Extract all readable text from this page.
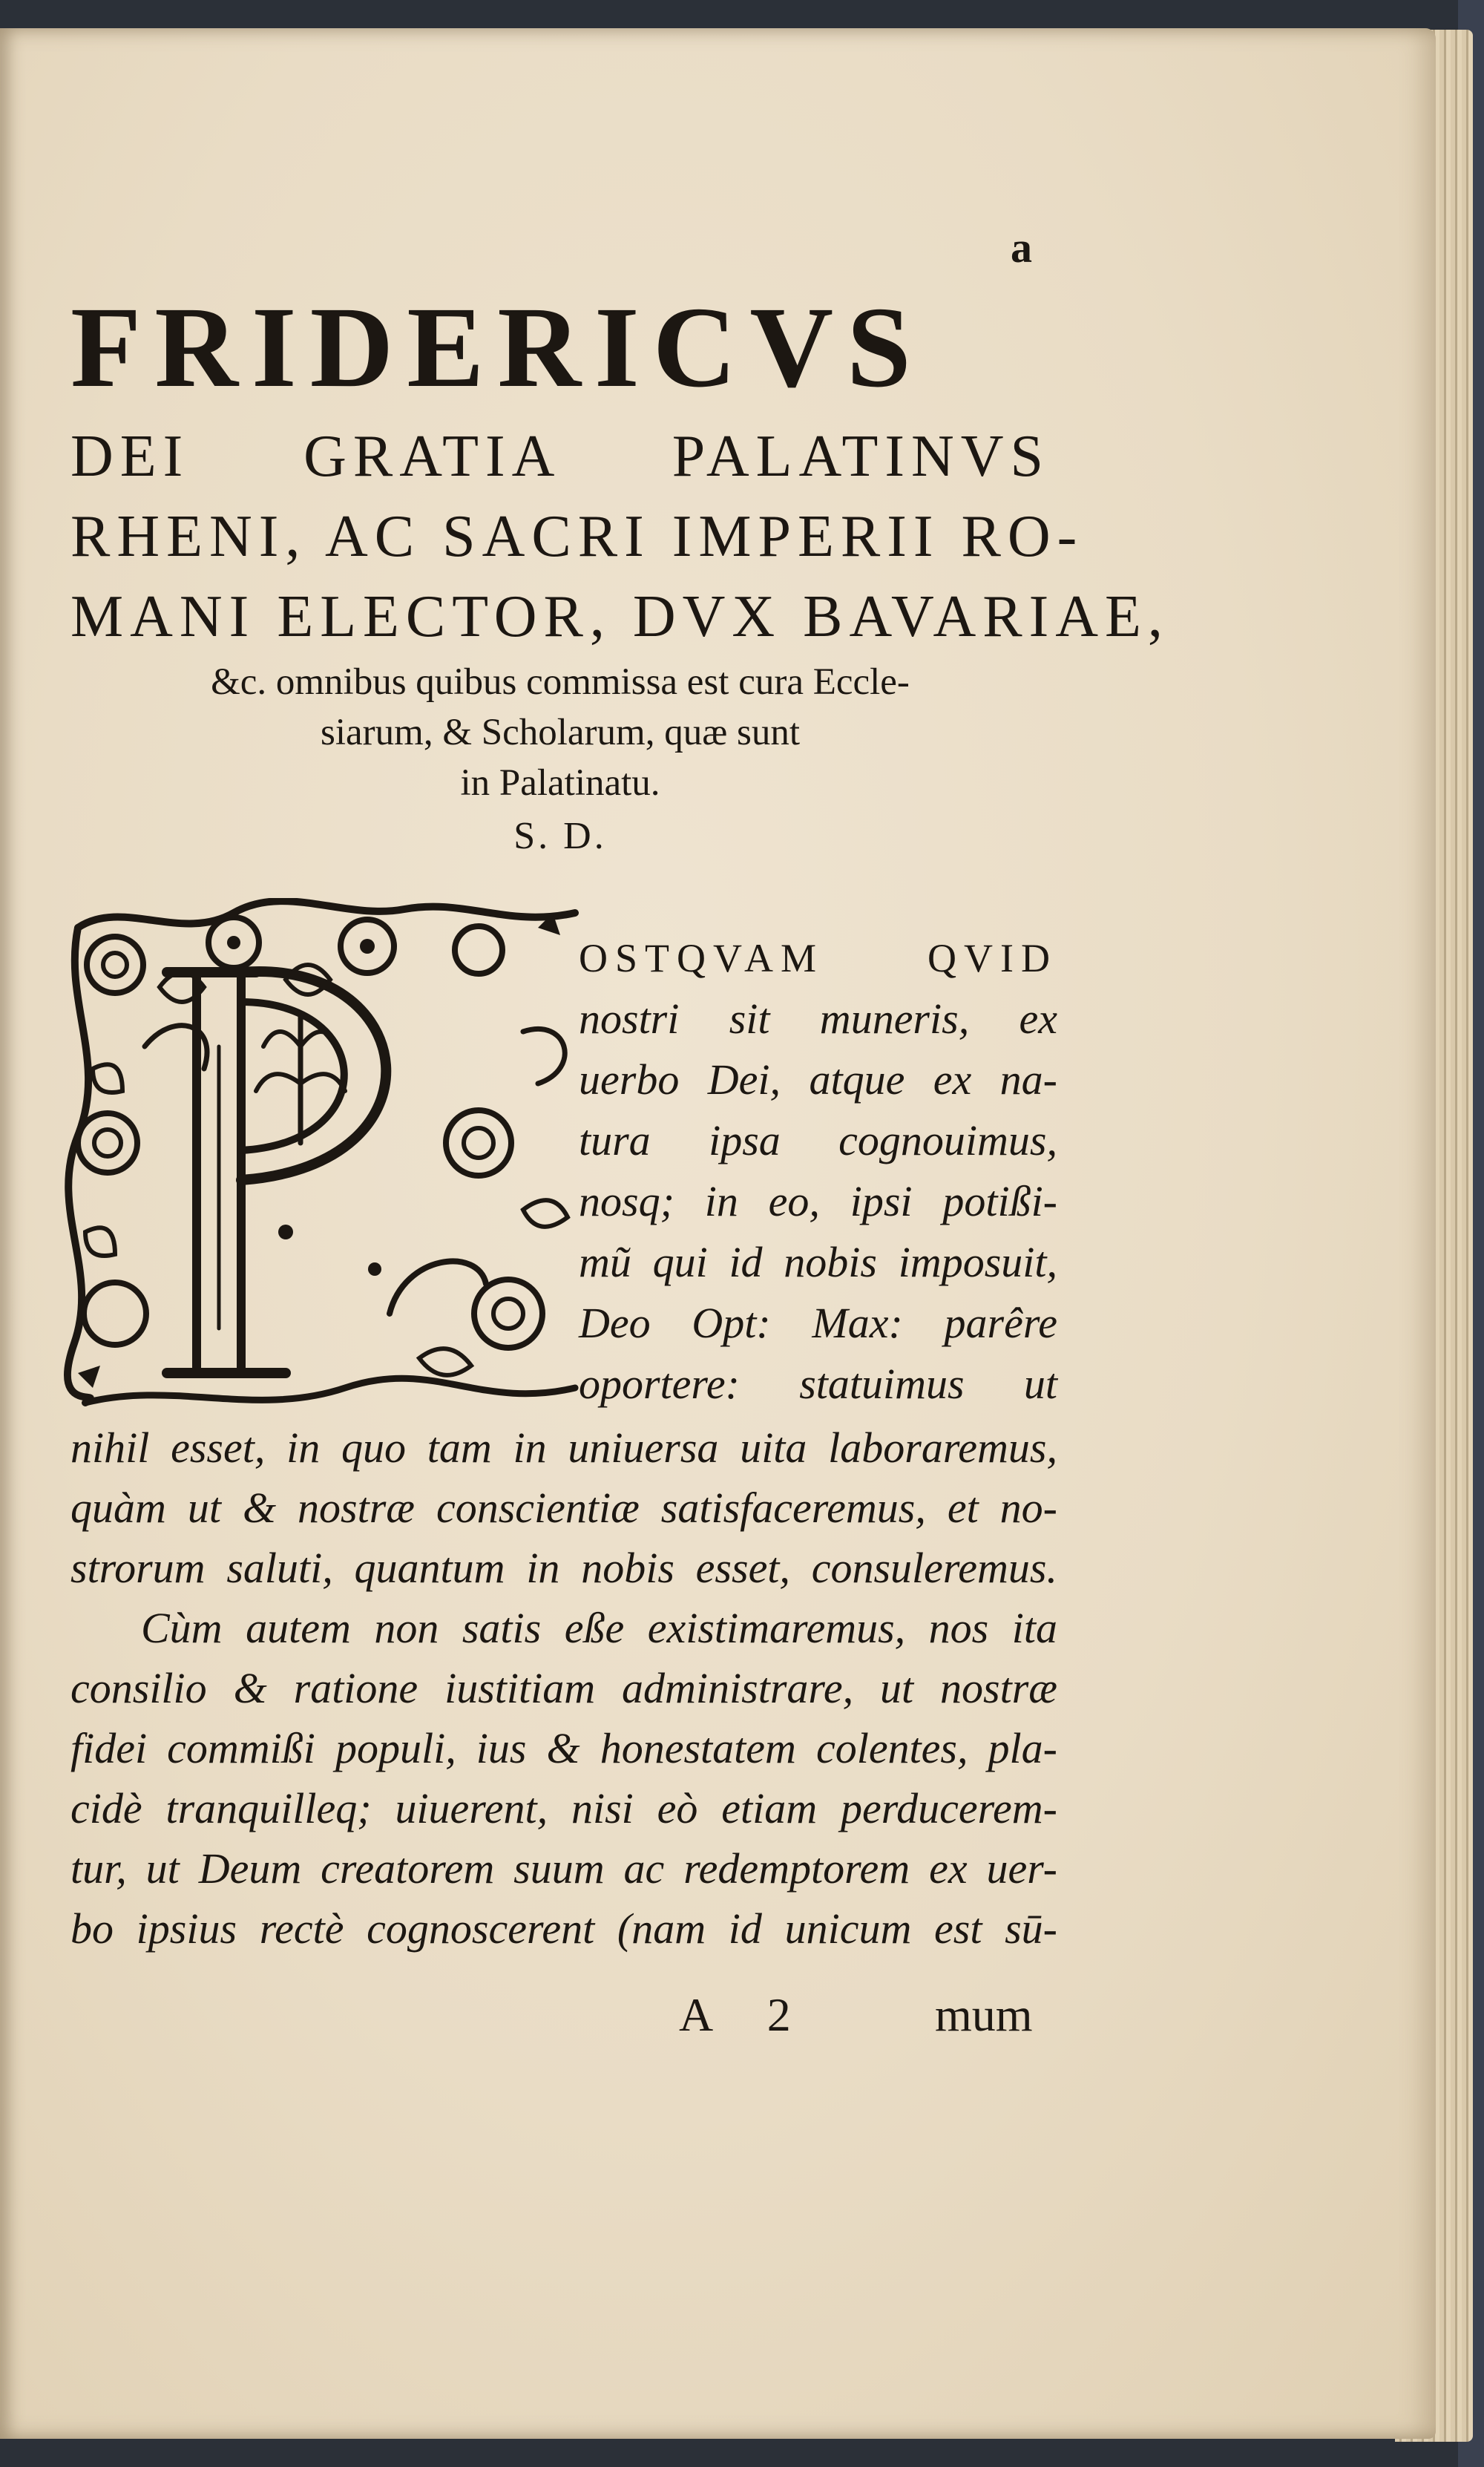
a
FRIDERICVS
DEI GRATIA PALATINVS
RHENI, AC SACRI IMPERII RO-
MANI ELECTOR, DVX BAVARIAE,
&c. omnibus quibus commissa est cura Eccle-
siarum, & Scholarum, quæ sunt
in Palatinatu.
S. D.
OSTQVAM QVID
nostri sit muneris, ex
uerbo Dei, atque ex na-
tura ipsa cognouimus,
nosq; in eo, ipsi potißi-
mũ qui id nobis imposuit,
Deo Opt: Max: parêre
oportere: statuimus ut
nihil esset, in quo tam in uniuersa uita laboraremus,
quàm ut & nostræ conscientiæ satisfaceremus, et no-
strorum saluti, quantum in nobis esset, consuleremus.
Cùm autem non satis eße existimaremus, nos ita
consilio & ratione iustitiam administrare, ut nostræ
fidei commißi populi, ius & honestatem colentes, pla-
cidè tranquilleq; uiuerent, nisi eò etiam perducerem-
tur, ut Deum creatorem suum ac redemptorem ex uer-
bo ipsius rectè cognoscerent (nam id unicum est sū-
A 2	mum
